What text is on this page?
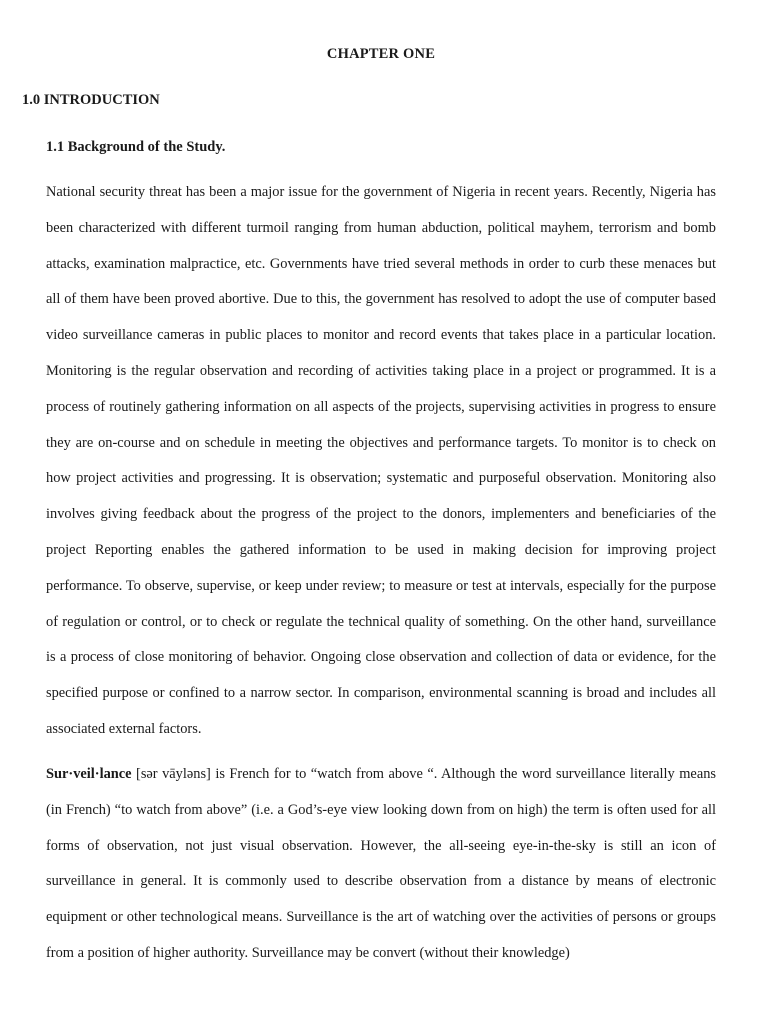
CHAPTER ONE
1.0 INTRODUCTION
1.1 Background of the Study.

National security threat has been a major issue for the government of Nigeria in recent years. Recently, Nigeria has been characterized with different turmoil ranging from human abduction, political mayhem, terrorism and bomb attacks, examination malpractice, etc. Governments have tried several methods in order to curb these menaces but all of them have been proved abortive. Due to this, the government has resolved to adopt the use of computer based video surveillance cameras in public places to monitor and record events that takes place in a particular location. Monitoring is the regular observation and recording of activities taking place in a project or programmed. It is a process of routinely gathering information on all aspects of the projects, supervising activities in progress to ensure they are on-course and on schedule in meeting the objectives and performance targets. To monitor is to check on how project activities and progressing. It is observation; systematic and purposeful observation. Monitoring also involves giving feedback about the progress of the project to the donors, implementers and beneficiaries of the project Reporting enables the gathered information to be used in making decision for improving project performance. To observe, supervise, or keep under review; to measure or test at intervals, especially for the purpose of regulation or control, or to check or regulate the technical quality of something. On the other hand, surveillance is a process of close monitoring of behavior. Ongoing close observation and collection of data or evidence, for the specified purpose or confined to a narrow sector. In comparison, environmental scanning is broad and includes all associated external factors.

Sur·veil·lance [sər vāyləns] is French for to “watch from above “. Although the word surveillance literally means (in French) “to watch from above” (i.e. a God’s-eye view looking down from on high) the term is often used for all forms of observation, not just visual observation. However, the all-seeing eye-in-the-sky is still an icon of surveillance in general. It is commonly used to describe observation from a distance by means of electronic equipment or other technological means. Surveillance is the art of watching over the activities of persons or groups from a position of higher authority. Surveillance may be convert (without their knowledge)
